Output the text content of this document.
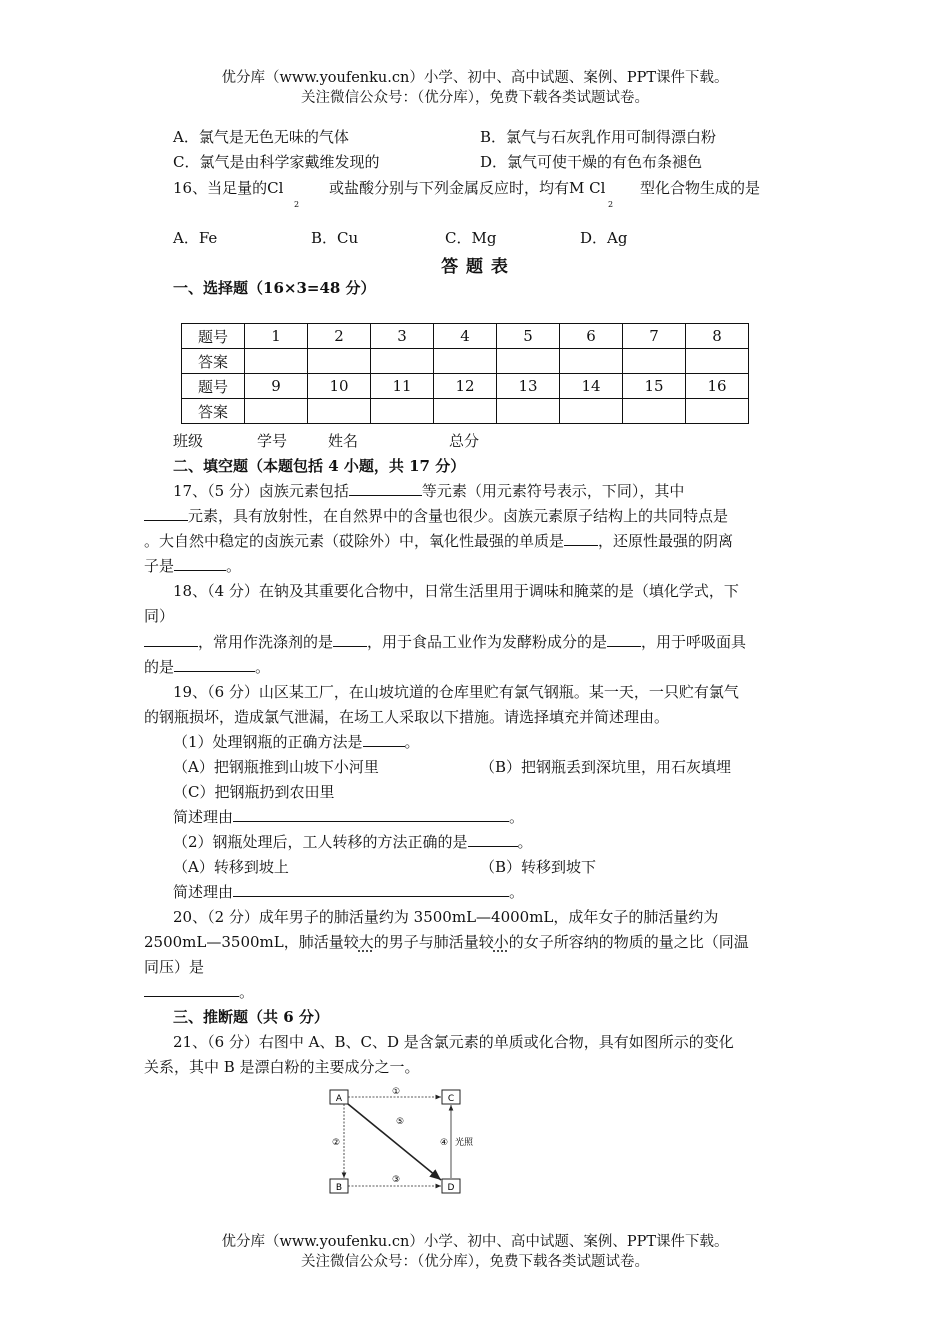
优分库（www.youfenku.cn）小学、初中、高中试题、案例、PPT课件下载。
关注微信公众号：（优分库），免费下载各类试题试卷。
A．氯气是无色无味的气体	B．氯气与石灰乳作用可制得漂白粉
C．氯气是由科学家戴维发现的	D．氯气可使干燥的有色布条褪色
16、当足量的Cl	或盐酸分别与下列金属反应时，均有M Cl 型化合物生成的是
2	2
A．Fe	B．Cu	C．Mg	D．Ag
答 题 表
一、选择题（16×3=48 分）
题号	1	2	3	4	5	6	7	8
答案								
题号	9	10	11	12	13	14	15	16
答案								
班级	学号	姓名	总分
二、填空题（本题包括 4 小题，共 17 分）
17、（5 分）卤族元素包括	等元素（用元素符号表示，下同），其中
元素，具有放射性，在自然界中的含量也很少。卤族元素原子结构上的共同特点是
。大自然中稳定的卤族元素（砹除外）中，氧化性最强的单质是 ，还原性最强的阴离
子是	。
18、（4 分）在钠及其重要化合物中，日常生活里用于调味和腌菜的是（填化学式，下
同）
，常用作洗涤剂的是 ，用于食品工业作为发酵粉成分的是 ，用于呼吸面具
的是	。
19、（6 分）山区某工厂，在山坡坑道的仓库里贮有氯气钢瓶。某一天，一只贮有氯气
的钢瓶损坏，造成氯气泄漏，在场工人采取以下措施。请选择填充并简述理由。
（1）处理钢瓶的正确方法是	。
（A）把钢瓶推到山坡下小河里	（B）把钢瓶丢到深坑里，用石灰填埋
（C）把钢瓶扔到农田里
简述理由	。
（2）钢瓶处理后，工人转移的方法正确的是	。
（A）转移到坡上	（B）转移到坡下
简述理由	。
20、（2 分）成年男子的肺活量约为 3500mL—4000mL，成年女子的肺活量约为
2500mL—3500mL，肺活量较大的男子与肺活量较小的女子所容纳的物质的量之比（同温
同压）是
。
三、推断题（共 6 分）
21、（6 分）右图中 A、B、C、D 是含氯元素的单质或化合物，具有如图所示的变化
关系，其中 B 是漂白粉的主要成分之一。
A	C
B	D
①
②
③
④ 光照
⑤
优分库（www.youfenku.cn）小学、初中、高中试题、案例、PPT课件下载。
关注微信公众号：（优分库），免费下载各类试题试卷。
